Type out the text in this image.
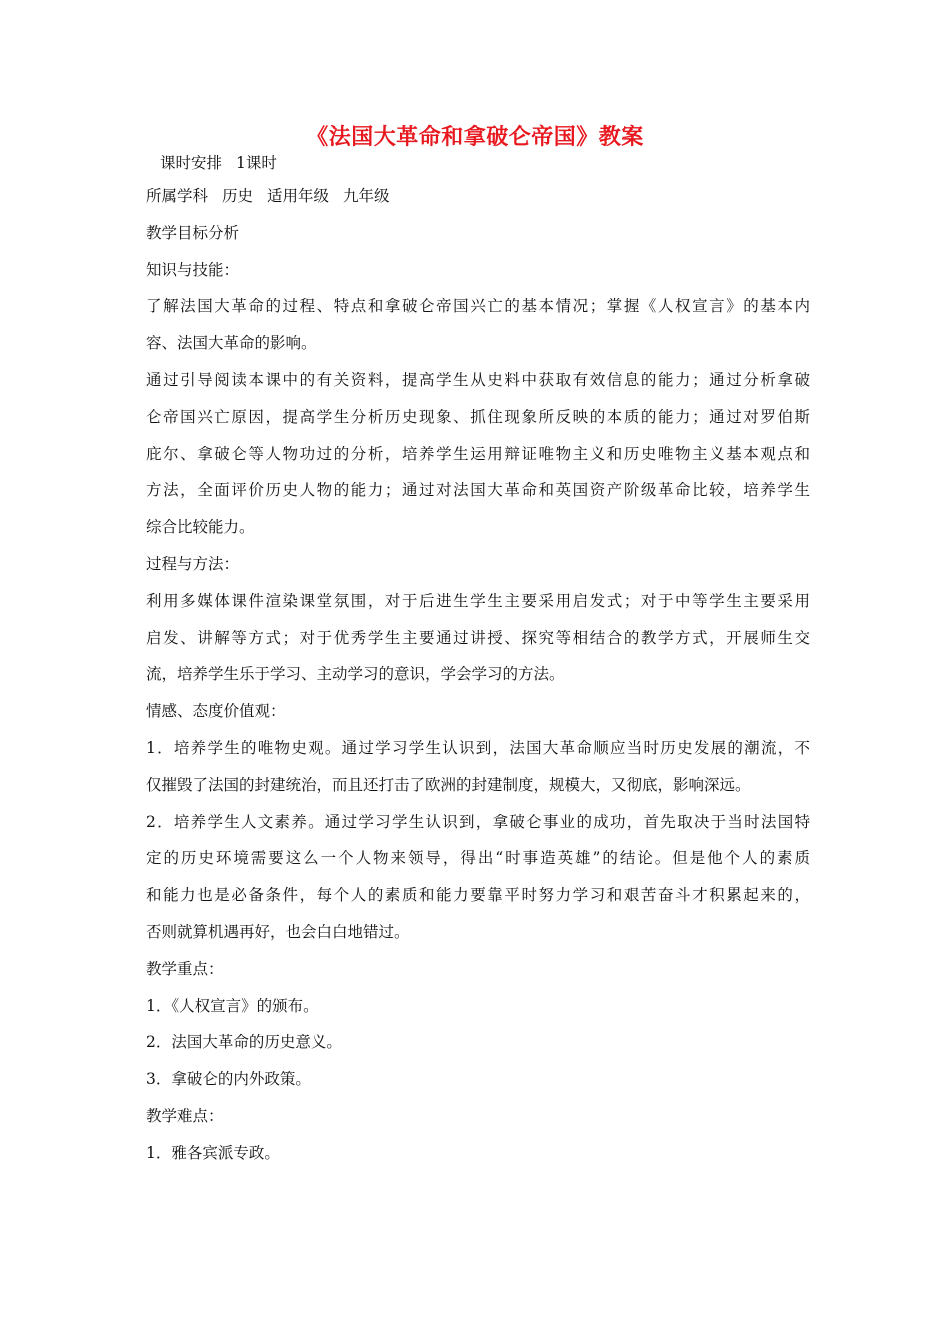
《法国大革命和拿破仑帝国》教案
课时安排 1课时
所属学科 历史 适用年级 九年级
教学目标分析
知识与技能：
了解法国大革命的过程、特点和拿破仑帝国兴亡的基本情况；掌握《人权宣言》的基本内
容、法国大革命的影响。
通过引导阅读本课中的有关资料，提高学生从史料中获取有效信息的能力；通过分析拿破
仑帝国兴亡原因，提高学生分析历史现象、抓住现象所反映的本质的能力；通过对罗伯斯
庇尔、拿破仑等人物功过的分析，培养学生运用辩证唯物主义和历史唯物主义基本观点和
方法，全面评价历史人物的能力；通过对法国大革命和英国资产阶级革命比较，培养学生
综合比较能力。
过程与方法：
利用多媒体课件渲染课堂氛围，对于后进生学生主要采用启发式；对于中等学生主要采用
启发、讲解等方式；对于优秀学生主要通过讲授、探究等相结合的教学方式，开展师生交
流，培养学生乐于学习、主动学习的意识，学会学习的方法。
情感、态度价值观：
1．培养学生的唯物史观。通过学习学生认识到，法国大革命顺应当时历史发展的潮流，不
仅摧毁了法国的封建统治，而且还打击了欧洲的封建制度，规模大，又彻底，影响深远。
2．培养学生人文素养。通过学习学生认识到，拿破仑事业的成功，首先取决于当时法国特
定的历史环境需要这么一个人物来领导，得出“时事造英雄”的结论。但是他个人的素质
和能力也是必备条件，每个人的素质和能力要靠平时努力学习和艰苦奋斗才积累起来的，
否则就算机遇再好，也会白白地错过。
教学重点：
1．《人权宣言》的颁布。
2．法国大革命的历史意义。
3．拿破仑的内外政策。
教学难点：
1．雅各宾派专政。
